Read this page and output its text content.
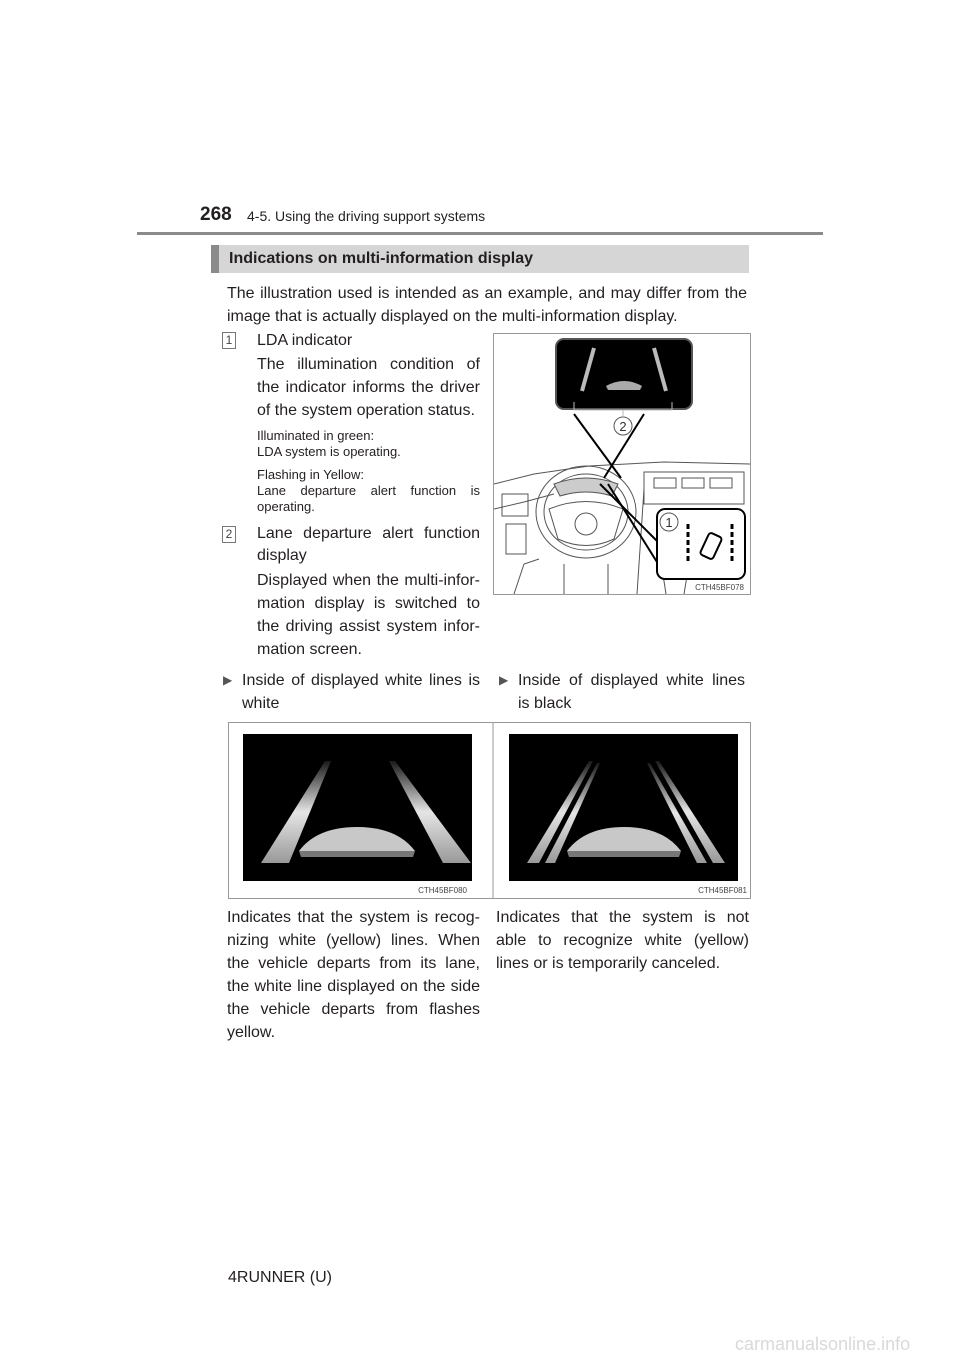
268 4-5. Using the driving support systems
Indications on multi-information display
The illustration used is intended as an example, and may differ from the image that is actually displayed on the multi-information display.
1 LDA indicator
The illumination condition of the indicator informs the driver of the system operation status.
Illuminated in green:
LDA system is operating.
Flashing in Yellow:
Lane departure alert function is operating.
2 Lane departure alert function display
Displayed when the multi-infor-mation display is switched to the driving assist system infor-mation screen.
2
1
CTH45BF078
▶ Inside of displayed white lines is white
▶ Inside of displayed white lines is black
CTH45BF080	CTH45BF081
Indicates that the system is recog-nizing white (yellow) lines. When the vehicle departs from its lane, the white line displayed on the side the vehicle departs from flashes yellow.
Indicates that the system is not able to recognize white (yellow) lines or is temporarily canceled.
4RUNNER (U)
carmanualsonline.info
